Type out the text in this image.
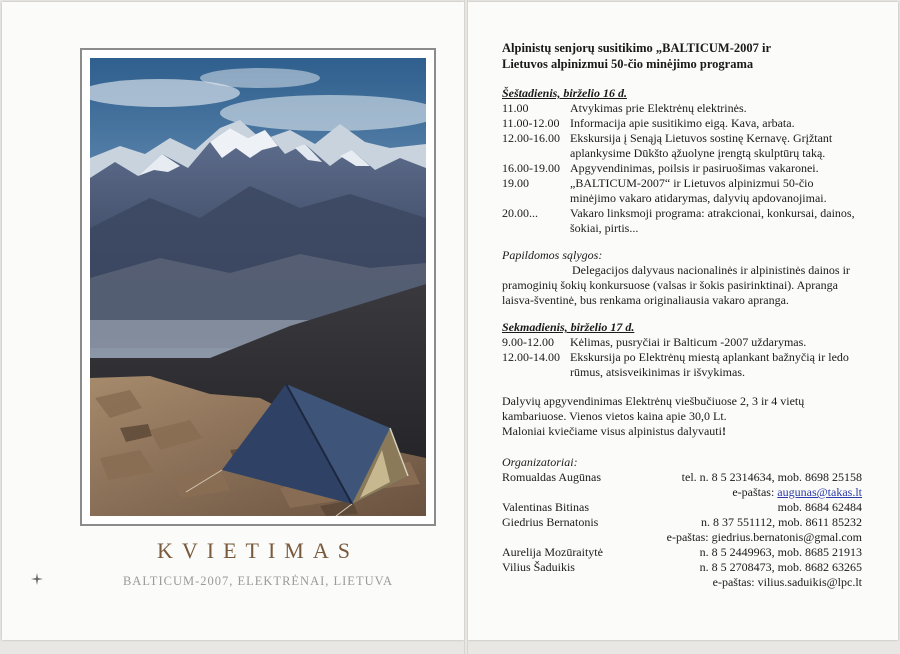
KVIETIMAS
BALTICUM-2007, ELEKTRĖNAI, LIETUVA

Alpinistų senjorų susitikimo „BALTICUM-2007 ir
Lietuvos alpinizmui 50-čio minėjimo programa

Šeštadienis, birželio 16 d.

11.00	Atvykimas prie Elektrėnų elektrinės.
11.00-12.00 Informacija apie susitikimo eigą. Kava, arbata.
12.00-16.00 Ekskursija į Senąją Lietuvos sostinę Kernavę. Grįžtant aplankysime Dūkšto ąžuolyne įrengtą skulptūrų taką.
16.00-19.00 Apgyvendinimas, poilsis ir pasiruošimas vakaronei.
19.00	„BALTICUM-2007“ ir Lietuvos alpinizmui 50-čio minėjimo vakaro atidarymas, dalyvių apdovanojimai.
20.00...	Vakaro linksmoji programa: atrakcionai, konkursai, dainos, šokiai, pirtis...

Papildomos sąlygos:

Delegacijos dalyvaus nacionalinės ir alpinistinės dainos ir pramoginių šokių konkursuose (valsas ir šokis pasirinktinai). Apranga laisva-šventinė, bus renkama originaliausia vakaro apranga.

Sekmadienis, birželio 17 d.

9.00-12.00	Kėlimas, pusryčiai ir Balticum -2007 uždarymas.
12.00-14.00 Ekskursija po Elektrėnų miestą aplankant bažnyčią ir ledo rūmus, atsisveikinimas ir išvykimas.

Dalyvių apgyvendinimas Elektrėnų viešbučiuose 2, 3 ir 4 vietų kambariuose. Vienos vietos kaina apie 30,0 Lt.
Maloniai kviečiame visus alpinistus dalyvauti!

Organizatoriai:

Romualdas Augūnas	tel. n. 8 5 2314634, mob. 8698 25158
e-paštas: augunas@takas.lt
Valentinas Bitinas	mob. 8684 62484
Giedrius Bernatonis	n. 8 37 551112, mob. 8611 85232
e-paštas: giedrius.bernatonis@gmal.com
Aurelija Mozūraitytė	n. 8 5 2449963, mob. 8685 21913
Vilius Šaduikis	n. 8 5 2708473, mob. 8682 63265
e-paštas: vilius.saduikis@lpc.lt
